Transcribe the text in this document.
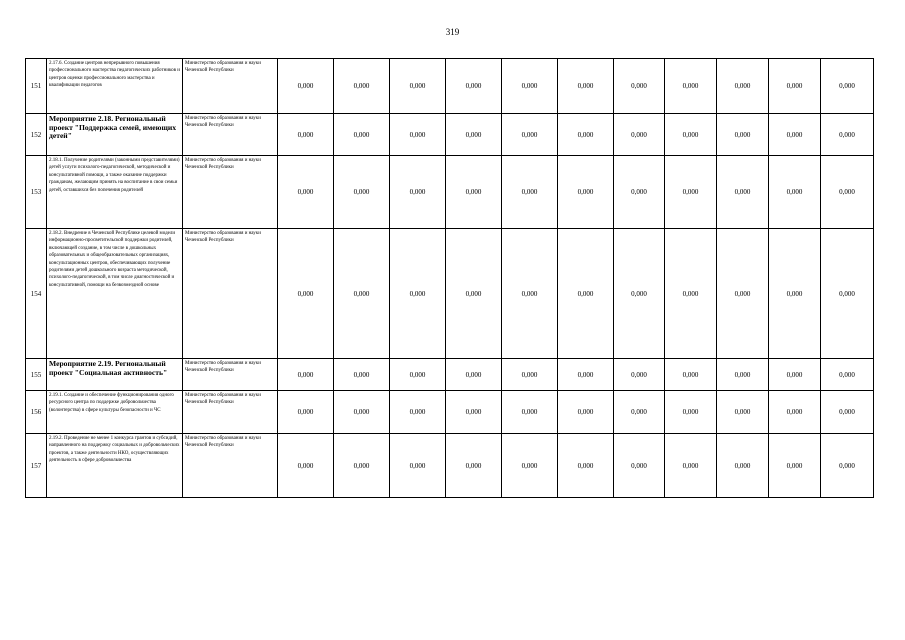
319
151	2.17.6. Создание центров непрерывного повышения профессионального мастерства педагогических работников и центров оценки профессионального мастерства и квалификации педагогов	Министерство образования и науки Чеченской Республики	0,000	0,000	0,000	0,000	0,000	0,000	0,000	0,000	0,000	0,000	0,000
152	Мероприятие 2.18. Региональный проект "Поддержка семей, имеющих детей"	Министерство образования и науки Чеченской Республики	0,000	0,000	0,000	0,000	0,000	0,000	0,000	0,000	0,000	0,000	0,000
153	2.18.1. Получение родителями (законными представителями) детей услуги психолого-педагогической, методической и консультативной помощи, а также оказание поддержки гражданам, желающим принять на воспитание в свои семьи детей, оставшихся без попечения родителей	Министерство образования и науки Чеченской Республики	0,000	0,000	0,000	0,000	0,000	0,000	0,000	0,000	0,000	0,000	0,000
154	2.18.2. Внедрение в Чеченской Республике целевой модели информационно-просветительской поддержки родителей, включающей создание, в том числе в дошкольных образовательных и общеобразовательных организациях, консультационных центров, обеспечивающих получение родителями детей дошкольного возраста методической, психолого-педагогической, в том числе диагностической и консультативной, помощи на безвозмездной основе	Министерство образования и науки Чеченской Республики	0,000	0,000	0,000	0,000	0,000	0,000	0,000	0,000	0,000	0,000	0,000
155	Мероприятие 2.19. Региональный проект "Социальная активность"	Министерство образования и науки Чеченской Республики	0,000	0,000	0,000	0,000	0,000	0,000	0,000	0,000	0,000	0,000	0,000
156	2.19.1. Создание и обеспечение функционирования одного ресурсного центра по поддержке добровольчества (волонтерства) в сфере культуры безопасности и ЧС	Министерство образования и науки Чеченской Республики	0,000	0,000	0,000	0,000	0,000	0,000	0,000	0,000	0,000	0,000	0,000
157	2.19.2. Проведение не менее 1 конкурса грантов и субсидий, направленного на поддержку социальных и добровольческих проектов, а также деятельности НКО, осуществляющих деятельность в сфере добровольчества	Министерство образования и науки Чеченской Республики	0,000	0,000	0,000	0,000	0,000	0,000	0,000	0,000	0,000	0,000	0,000
